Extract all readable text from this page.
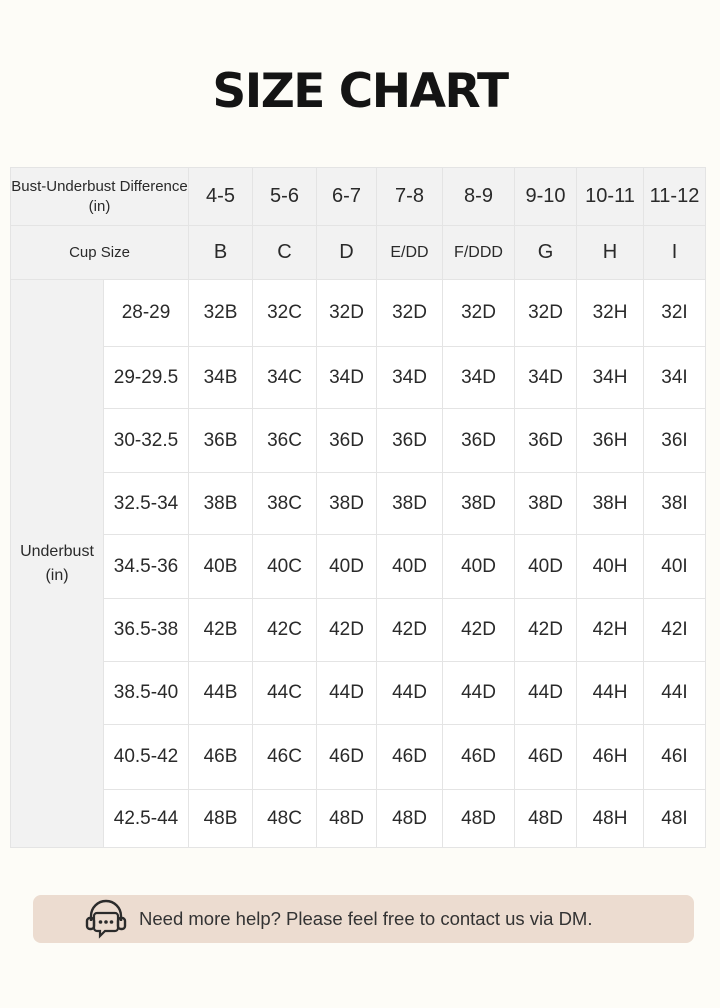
SIZE CHART
Bust-Underbust Difference (in)		4-5	5-6	6-7	7-8	8-9	9-10	10-11	11-12
Cup Size		B	C	D	E/DD	F/DDD	G	H	I
Underbust (in)	28-29	32B	32C	32D	32D	32D	32D	32H	32I
	29-29.5	34B	34C	34D	34D	34D	34D	34H	34I
	30-32.5	36B	36C	36D	36D	36D	36D	36H	36I
	32.5-34	38B	38C	38D	38D	38D	38D	38H	38I
	34.5-36	40B	40C	40D	40D	40D	40D	40H	40I
	36.5-38	42B	42C	42D	42D	42D	42D	42H	42I
	38.5-40	44B	44C	44D	44D	44D	44D	44H	44I
	40.5-42	46B	46C	46D	46D	46D	46D	46H	46I
	42.5-44	48B	48C	48D	48D	48D	48D	48H	48I
Need more help? Please feel free to contact us via DM.
